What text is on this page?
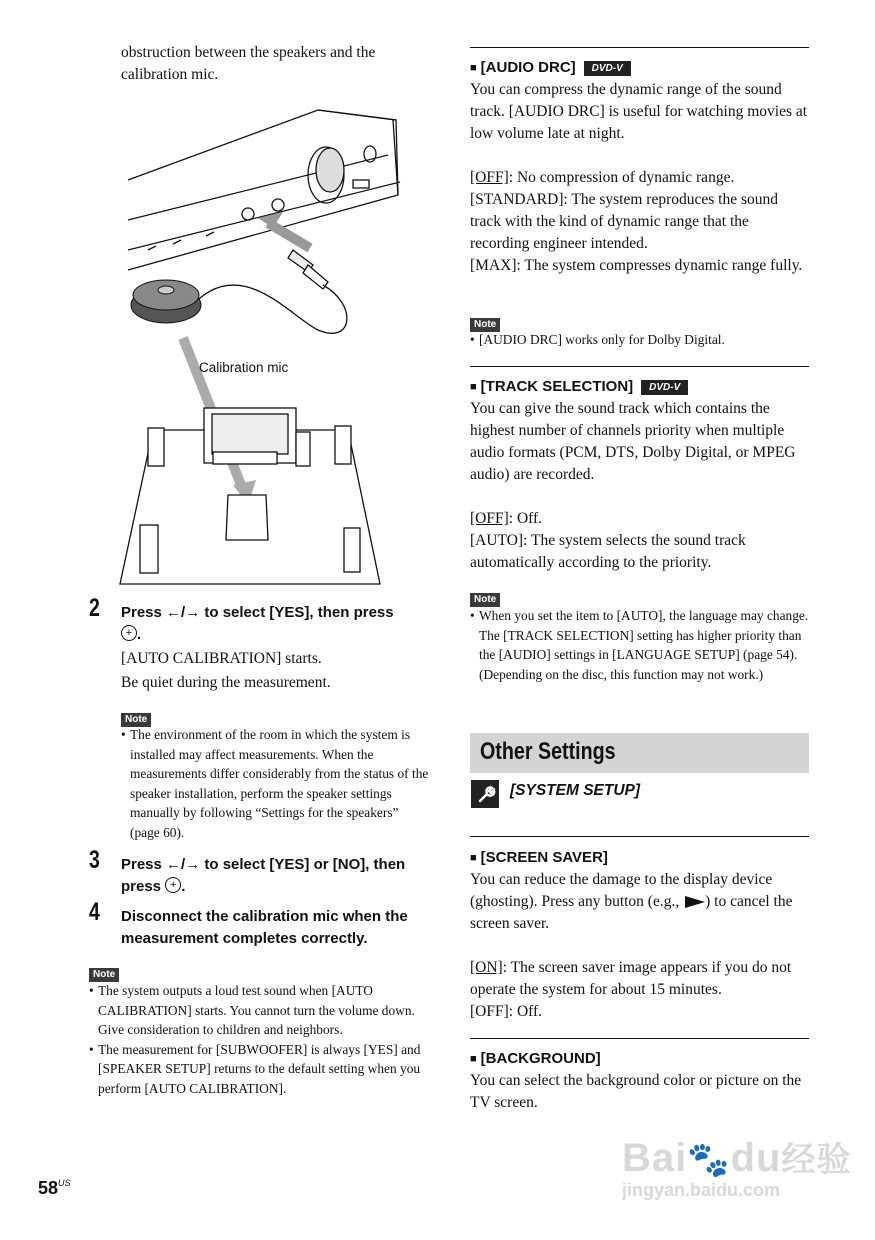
obstruction between the speakers and the calibration mic.
Calibration mic
2 Press ←/→ to select [YES], then press
+ .
[AUTO CALIBRATION] starts.
Be quiet during the measurement.
Note
• The environment of the room in which the system is installed may affect measurements. When the measurements differ considerably from the status of the speaker installation, perform the speaker settings manually by following “Settings for the speakers” (page 60).
3 Press ←/→ to select [YES] or [NO], then press + .
4 Disconnect the calibration mic when the measurement completes correctly.
Note
• The system outputs a loud test sound when [AUTO CALIBRATION] starts. You cannot turn the volume down. Give consideration to children and neighbors.
• The measurement for [SUBWOOFER] is always [YES] and [SPEAKER SETUP] returns to the default setting when you perform [AUTO CALIBRATION].
$58^{US}$
■ [AUDIO DRC]	DVD-V
You can compress the dynamic range of the sound track. [AUDIO DRC] is useful for watching movies at low volume late at night.
[OFF]: No compression of dynamic range.
[STANDARD]: The system reproduces the sound track with the kind of dynamic range that the recording engineer intended.
[MAX]: The system compresses dynamic range fully.
Note
• [AUDIO DRC] works only for Dolby Digital.
■ [TRACK SELECTION]	DVD-V
You can give the sound track which contains the highest number of channels priority when multiple audio formats (PCM, DTS, Dolby Digital, or MPEG audio) are recorded.
[OFF]: Off.
[AUTO]: The system selects the sound track automatically according to the priority.
Note
• When you set the item to [AUTO], the language may change. The [TRACK SELECTION] setting has higher priority than the [AUDIO] settings in [LANGUAGE SETUP] (page 54). (Depending on the disc, this function may not work.)
Other Settings
[SYSTEM SETUP]
■ [SCREEN SAVER]
You can reduce the damage to the display device (ghosting). Press any button (e.g., ) to cancel the screen saver.
[ON]: The screen saver image appears if you do not operate the system for about 15 minutes.
[OFF]: Off.
■ [BACKGROUND]
You can select the background color or picture on the TV screen.
Bai🐾du经验
jingyan.baidu.com
